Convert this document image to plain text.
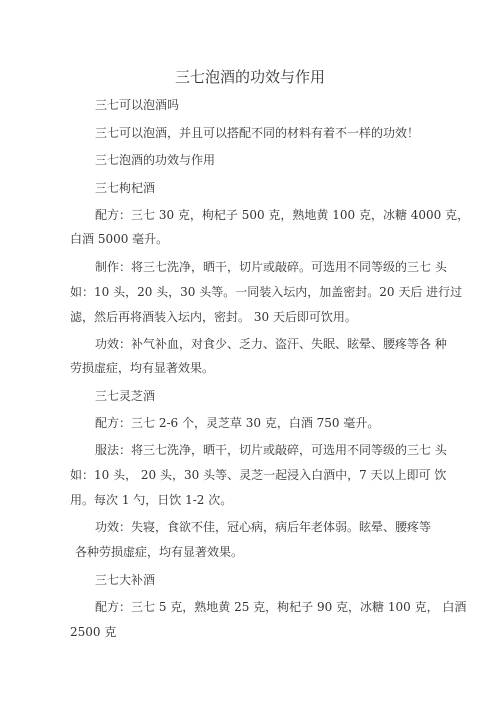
三七泡酒的功效与作用
三七可以泡酒吗
三七可以泡酒，并且可以搭配不同的材料有着不一样的功效！
三七泡酒的功效与作用
三七枸杞酒
配方：三七 30 克，枸杞子 500 克，熟地黄 100 克，冰糖 4000 克，
白酒 5000 毫升。
制作：将三七洗净，晒干，切片或敲碎。可选用不同等级的三七 头
如：10 头，20 头，30 头等。一同装入坛内，加盖密封。20 天后 进行过
滤，然后再将酒装入坛内，密封。 30 天后即可饮用。
功效：补气补血，对食少、乏力、盗汗、失眠、眩晕、腰疼等各 种
劳损虚症，均有显著效果。
三七灵芝酒
配方：三七 2-6 个，灵芝草 30 克，白酒 750 毫升。
服法：将三七洗净，晒干，切片或敲碎，可选用不同等级的三七 头
如：10 头， 20 头，30 头等、灵芝一起浸入白酒中，7 天以上即可 饮
用。每次 1 勺，日饮 1-2 次。
功效：失寝，食欲不佳，冠心病，病后年老体弱。眩晕、腰疼等
各种劳损虚症，均有显著效果。
三七大补酒
配方：三七 5 克，熟地黄 25 克，枸杞子 90 克，冰糖 100 克， 白酒
2500 克
